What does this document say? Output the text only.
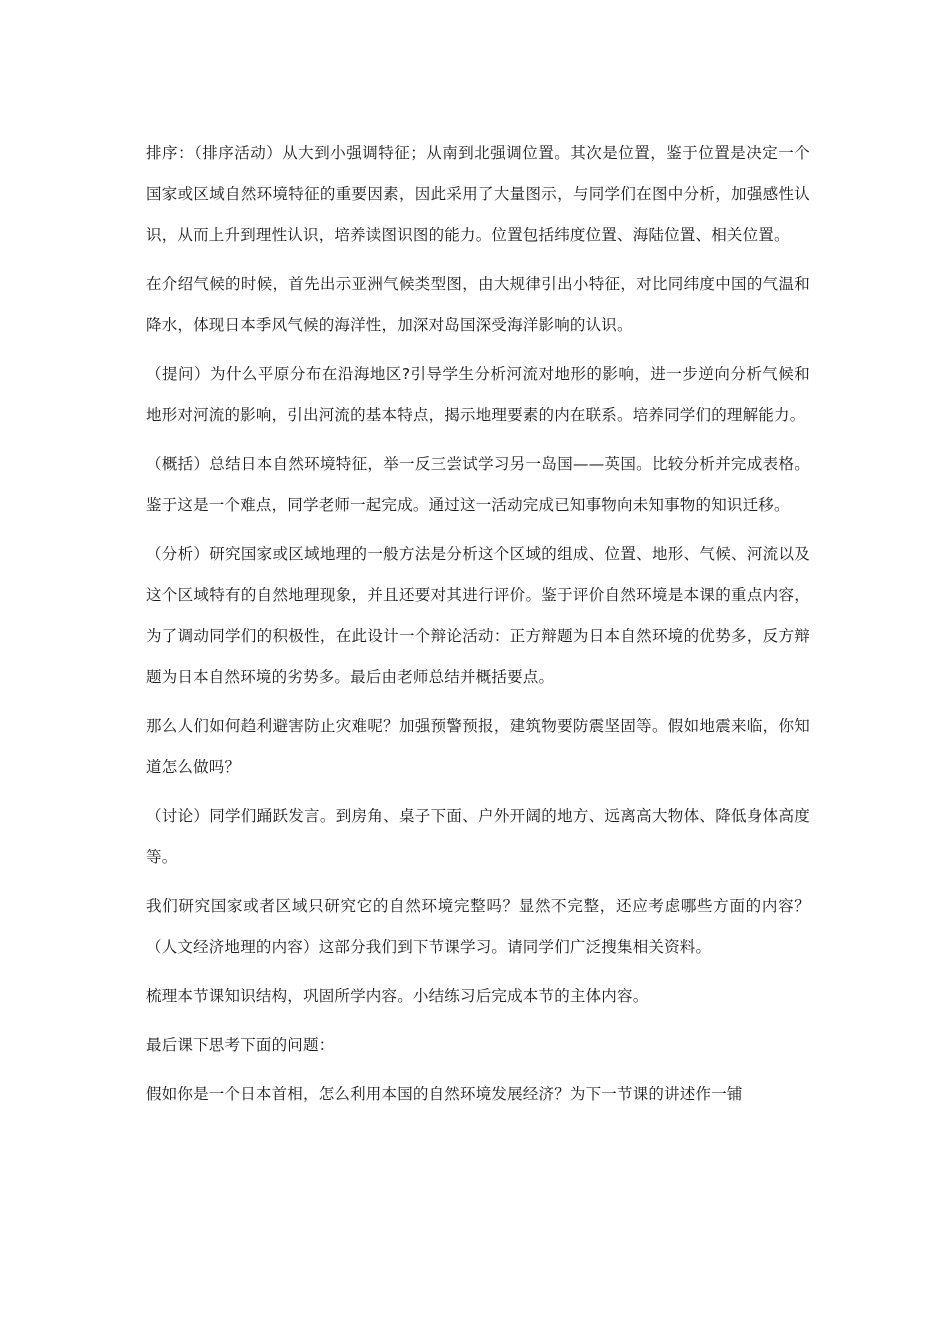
排序：（排序活动）从大到小强调特征；从南到北强调位置。其次是位置，鉴于位置是决定一个国家或区域自然环境特征的重要因素，因此采用了大量图示，与同学们在图中分析，加强感性认识，从而上升到理性认识，培养读图识图的能力。位置包括纬度位置、海陆位置、相关位置。

在介绍气候的时候，首先出示亚洲气候类型图，由大规律引出小特征，对比同纬度中国的气温和降水，体现日本季风气候的海洋性，加深对岛国深受海洋影响的认识。

（提问）为什么平原分布在沿海地区?引导学生分析河流对地形的影响，进一步逆向分析气候和地形对河流的影响，引出河流的基本特点，揭示地理要素的内在联系。培养同学们的理解能力。

（概括）总结日本自然环境特征，举一反三尝试学习另一岛国——英国。比较分析并完成表格。鉴于这是一个难点，同学老师一起完成。通过这一活动完成已知事物向未知事物的知识迁移。

（分析）研究国家或区域地理的一般方法是分析这个区域的组成、位置、地形、气候、河流以及这个区域特有的自然地理现象，并且还要对其进行评价。鉴于评价自然环境是本课的重点内容，为了调动同学们的积极性，在此设计一个辩论活动：正方辩题为日本自然环境的优势多，反方辩题为日本自然环境的劣势多。最后由老师总结并概括要点。

那么人们如何趋利避害防止灾难呢？加强预警预报，建筑物要防震坚固等。假如地震来临，你知道怎么做吗？

（讨论）同学们踊跃发言。到房角、桌子下面、户外开阔的地方、远离高大物体、降低身体高度等。

我们研究国家或者区域只研究它的自然环境完整吗？显然不完整，还应考虑哪些方面的内容？（人文经济地理的内容）这部分我们到下节课学习。请同学们广泛搜集相关资料。

梳理本节课知识结构，巩固所学内容。小结练习后完成本节的主体内容。

最后课下思考下面的问题：

假如你是一个日本首相，怎么利用本国的自然环境发展经济？为下一节课的讲述作一铺
